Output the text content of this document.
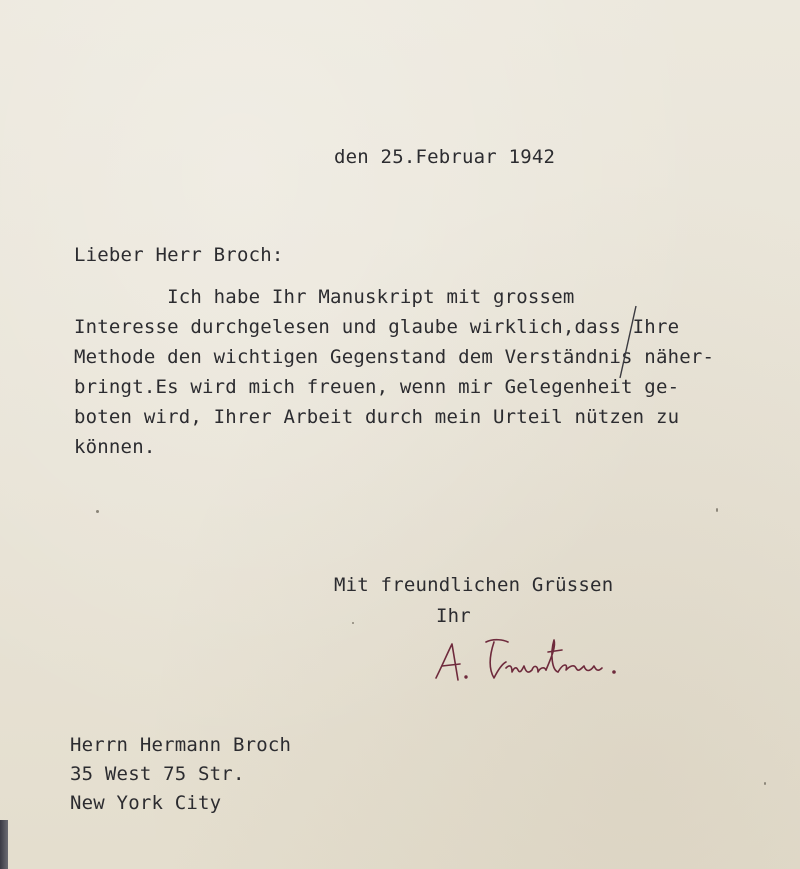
den 25.Februar 1942
Lieber Herr Broch:
Ich habe Ihr Manuskript mit grossem
Interesse durchgelesen und glaube wirklich,dass Ihre
Methode den wichtigen Gegenstand dem Verständnis näher-
bringt.Es wird mich freuen, wenn mir Gelegenheit ge-
boten wird, Ihrer Arbeit durch mein Urteil nützen zu
können.
Mit freundlichen Grüssen
Ihr
Herrn Hermann Broch
35 West 75 Str.
New York City
